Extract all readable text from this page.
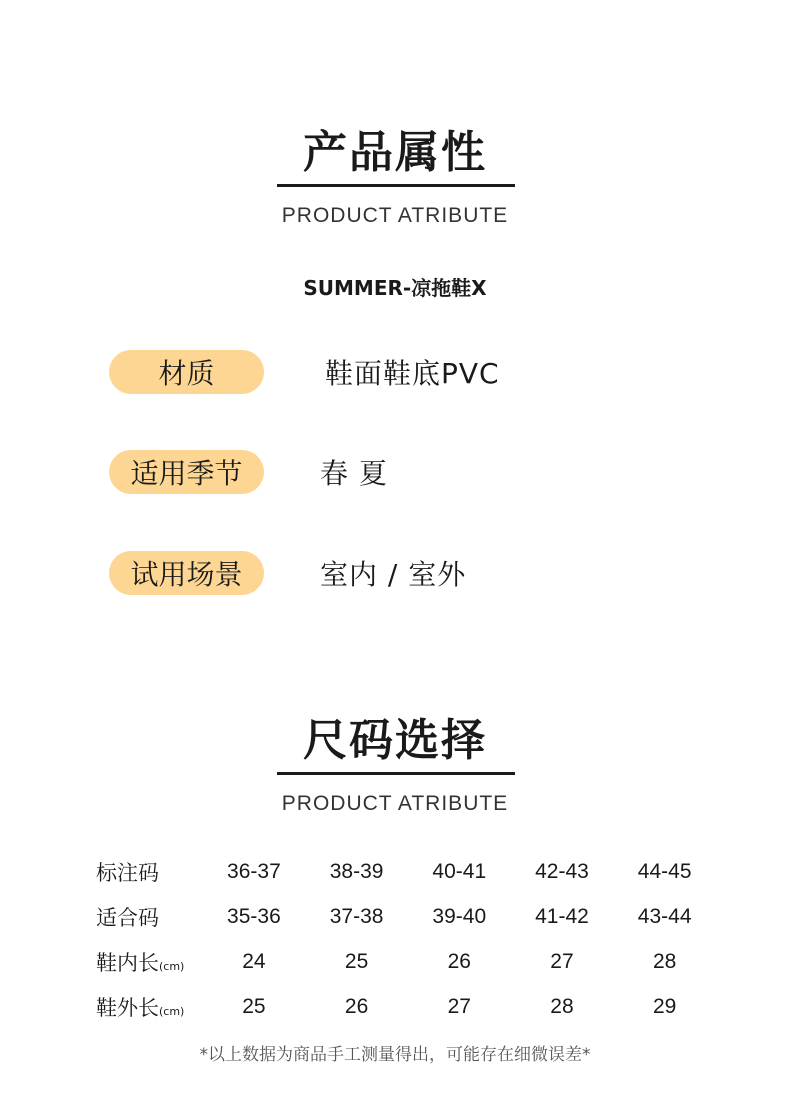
产品属性
PRODUCT ATRIBUTE
SUMMER-凉拖鞋X
材质	鞋面鞋底PVC
适用季节	春 夏
试用场景	室内 / 室外
尺码选择
PRODUCT ATRIBUTE
标注码	36-37	38-39	40-41	42-43	44-45
适合码	35-36	37-38	39-40	41-42	43-44
鞋内长(cm)	24	25	26	27	28
鞋外长(cm)	25	26	27	28	29
*以上数据为商品手工测量得出，可能存在细微误差*
